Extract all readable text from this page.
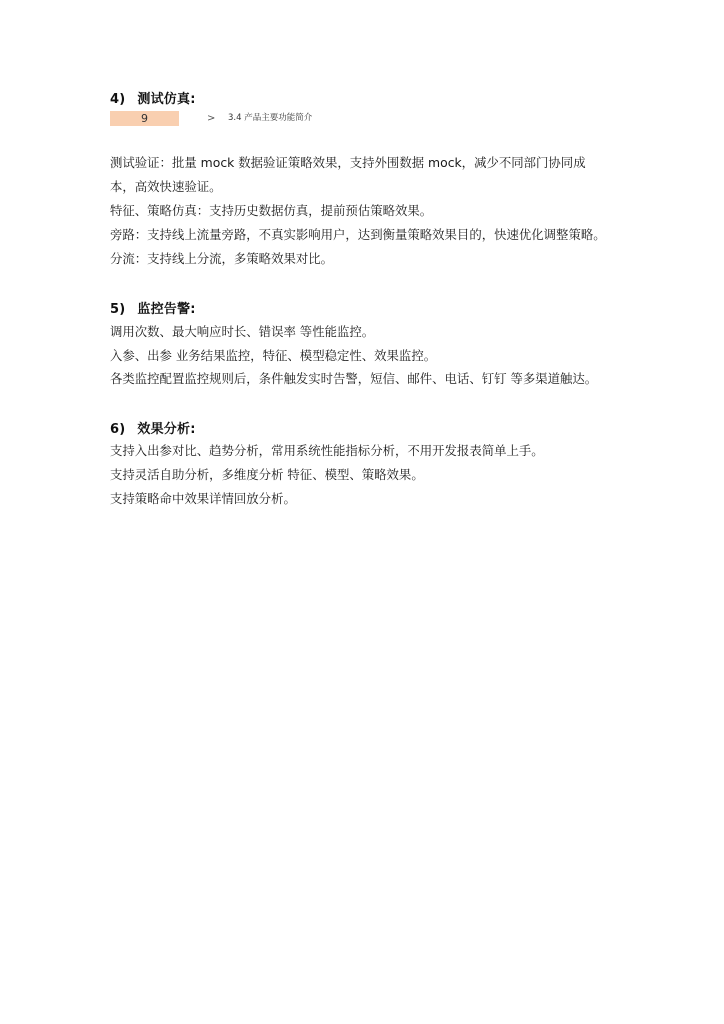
4) 测试仿真:
9	> 3.4 产品主要功能简介
测试验证：批量 mock 数据验证策略效果，支持外围数据 mock，减少不同部门协同成
本，高效快速验证。
特征、策略仿真：支持历史数据仿真，提前预估策略效果。
旁路：支持线上流量旁路，不真实影响用户，达到衡量策略效果目的，快速优化调整策略。
分流：支持线上分流，多策略效果对比。
5) 监控告警:
调用次数、最大响应时长、错误率 等性能监控。
入参、出参 业务结果监控，特征、模型稳定性、效果监控。
各类监控配置监控规则后，条件触发实时告警，短信、邮件、电话、钉钉 等多渠道触达。
6) 效果分析:
支持入出参对比、趋势分析，常用系统性能指标分析，不用开发报表简单上手。
支持灵活自助分析，多维度分析 特征、模型、策略效果。
支持策略命中效果详情回放分析。
